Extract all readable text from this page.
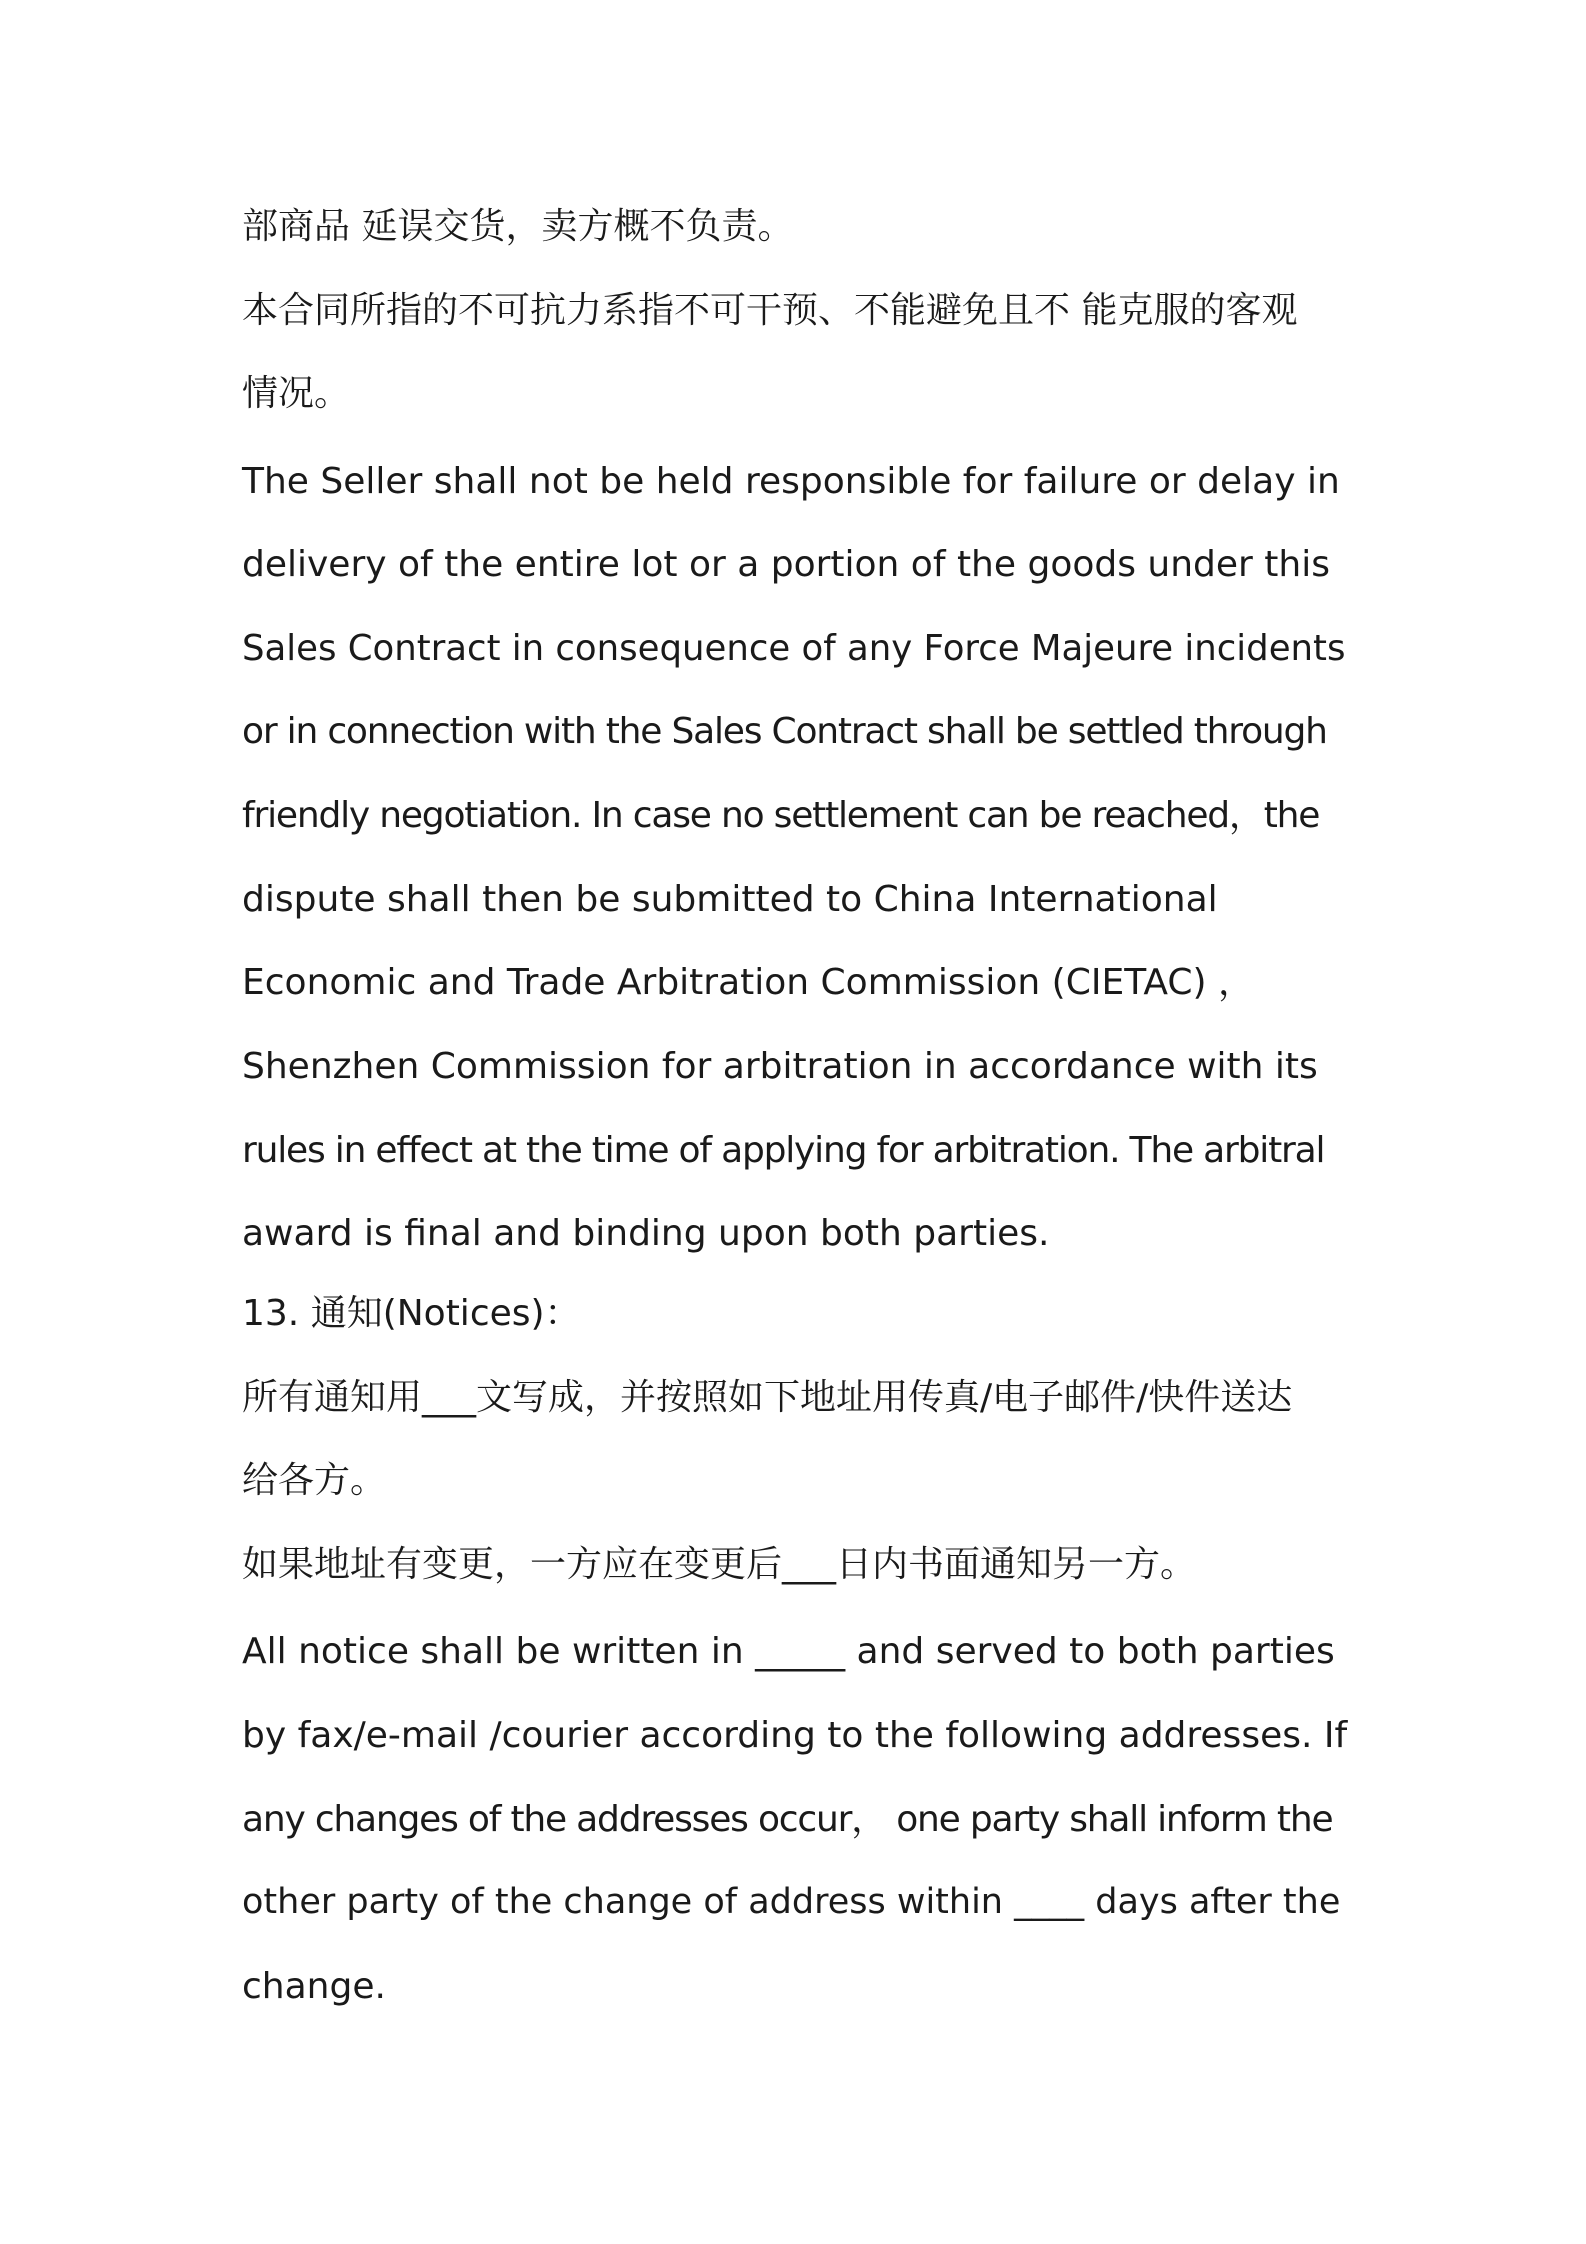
部商品 延误交货，卖方概不负责。

本合同所指的不可抗力系指不可干预、不能避免且不 能克服的客观

情况。

The Seller shall not be held responsible for failure or delay in

delivery of the entire lot or a portion of the goods under this

Sales Contract in consequence of any Force Majeure incidents

or in connection with the Sales Contract shall be settled through

friendly negotiation. In case no settlement can be reached，the

dispute shall then be submitted to China International

Economic and Trade Arbitration Commission (CIETAC) ，

Shenzhen Commission for arbitration in accordance with its

rules in effect at the time of applying for arbitration. The arbitral

award is final and binding upon both parties.

13. 通知(Notices)：

所有通知用___文写成，并按照如下地址用传真/电子邮件/快件送达

给各方。

如果地址有变更，一方应在变更后___日内书面通知另一方。

All notice shall be written in _____ and served to both parties

by fax/e-mail /courier according to the following addresses. If

any changes of the addresses occur， one party shall inform the

other party of the change of address within ____ days after the

change.
